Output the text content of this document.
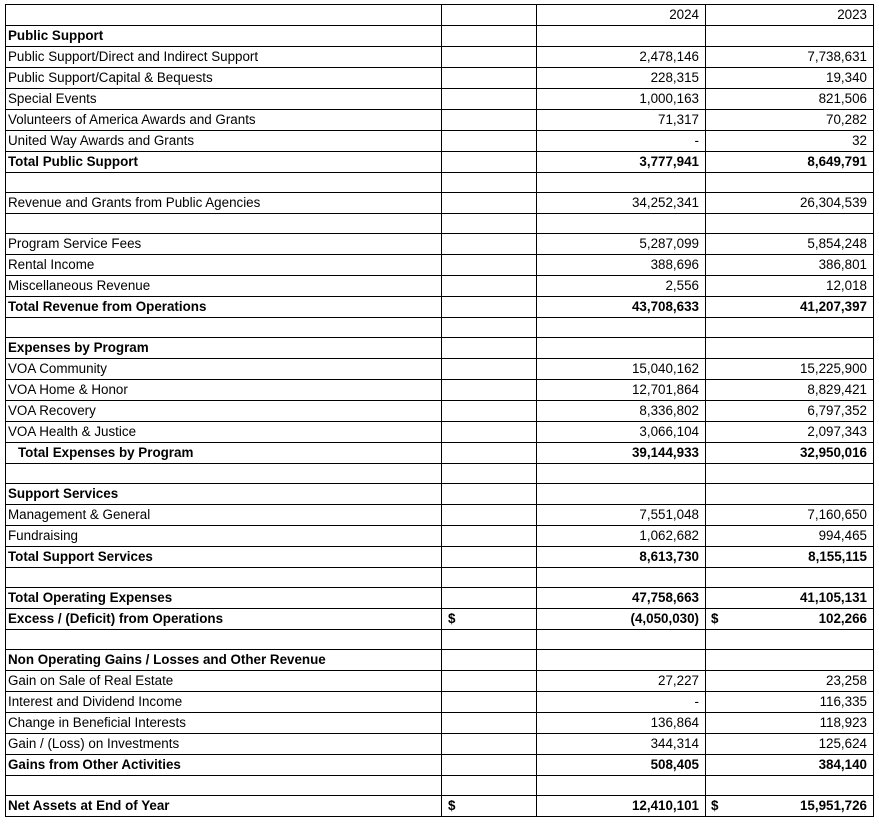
		2024	2023
Public Support			
Public Support/Direct and Indirect Support		2,478,146	7,738,631
Public Support/Capital & Bequests		228,315	19,340
Special Events		1,000,163	821,506
Volunteers of America Awards and Grants		71,317	70,282
United Way Awards and Grants		-	32
Total Public Support		3,777,941	8,649,791

Revenue and Grants from Public Agencies		34,252,341	26,304,539

Program Service Fees		5,287,099	5,854,248
Rental Income		388,696	386,801
Miscellaneous Revenue		2,556	12,018
Total Revenue from Operations		43,708,633	41,207,397

Expenses by Program			
VOA Community		15,040,162	15,225,900
VOA Home & Honor		12,701,864	8,829,421
VOA Recovery		8,336,802	6,797,352
VOA Health & Justice		3,066,104	2,097,343
Total Expenses by Program		39,144,933	32,950,016

Support Services			
Management & General		7,551,048	7,160,650
Fundraising		1,062,682	994,465
Total Support Services		8,613,730	8,155,115

Total Operating Expenses		47,758,663	41,105,131
Excess / (Deficit) from Operations	$	(4,050,030)	$ 102,266

Non Operating Gains / Losses and Other Revenue			
Gain on Sale of Real Estate		27,227	23,258
Interest and Dividend Income		-	116,335
Change in Beneficial Interests		136,864	118,923
Gain / (Loss) on Investments		344,314	125,624
Gains from Other Activities		508,405	384,140

Net Assets at End of Year	$	12,410,101	$ 15,951,726
